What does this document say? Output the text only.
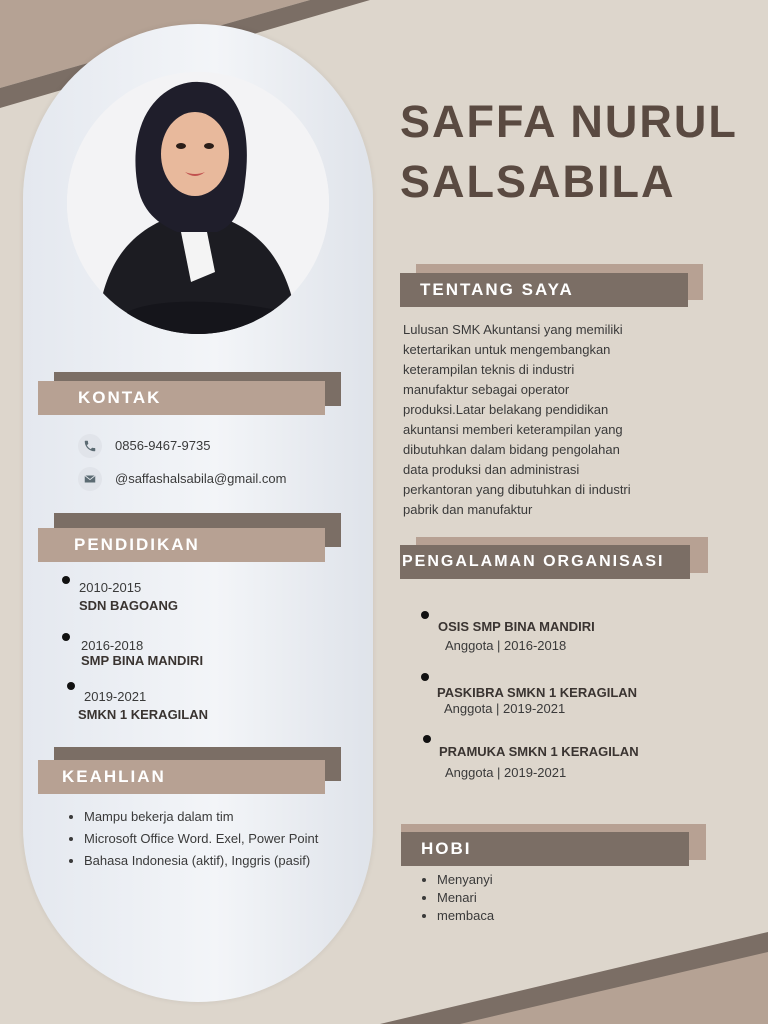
SAFFA NURUL
SALSABILA
KONTAK
0856-9467-9735
@saffashalsabila@gmail.com
PENDIDIKAN
2010-2015
SDN BAGOANG
2016-2018
SMP BINA MANDIRI
2019-2021
SMKN 1 KERAGILAN
KEAHLIAN
• Mampu bekerja dalam tim
• Microsoft Office Word. Exel, Power Point
• Bahasa Indonesia (aktif), Inggris (pasif)
TENTANG SAYA
Lulusan SMK Akuntansi yang memiliki
ketertarikan untuk mengembangkan
keterampilan teknis di industri
manufaktur sebagai operator
produksi.Latar belakang pendidikan
akuntansi memberi keterampilan yang
dibutuhkan dalam bidang pengolahan
data produksi dan administrasi
perkantoran yang dibutuhkan di industri
pabrik dan manufaktur
PENGALAMAN ORGANISASI
OSIS SMP BINA MANDIRI
Anggota | 2016-2018
PASKIBRA SMKN 1 KERAGILAN
Anggota | 2019-2021
PRAMUKA SMKN 1 KERAGILAN
Anggota | 2019-2021
HOBI
• Menyanyi
• Menari
• membaca
